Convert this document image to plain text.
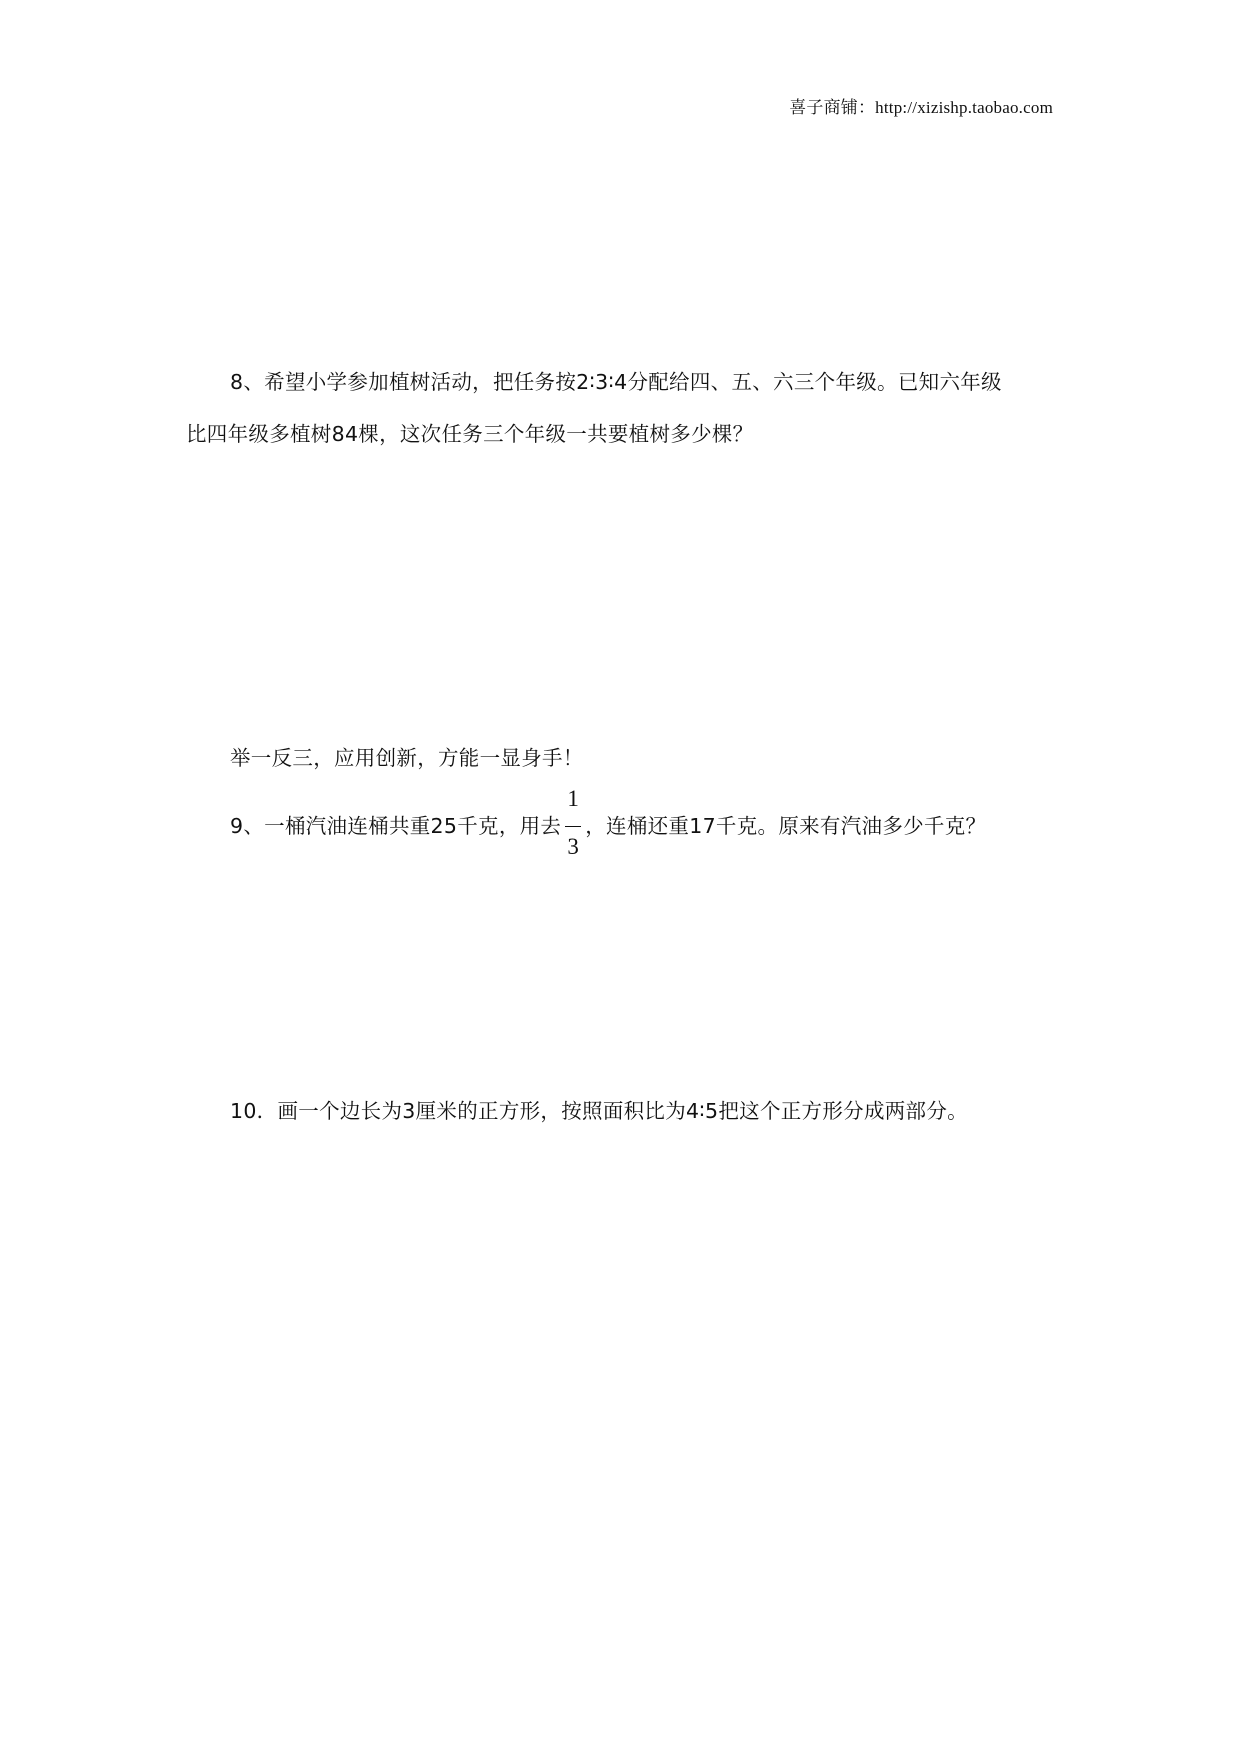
喜子商铺：http://xizishp.taobao.com
8、希望小学参加植树活动，把任务按2∶3∶4分配给四、五、六三个年级。已知六年级
比四年级多植树84棵，这次任务三个年级一共要植树多少棵？
举一反三，应用创新，方能一显身手！
9、一桶汽油连桶共重25千克，用去 $\frac{1}{3}$ ，连桶还重17千克。原来有汽油多少千克？
10．画一个边长为3厘米的正方形，按照面积比为4∶5把这个正方形分成两部分。
